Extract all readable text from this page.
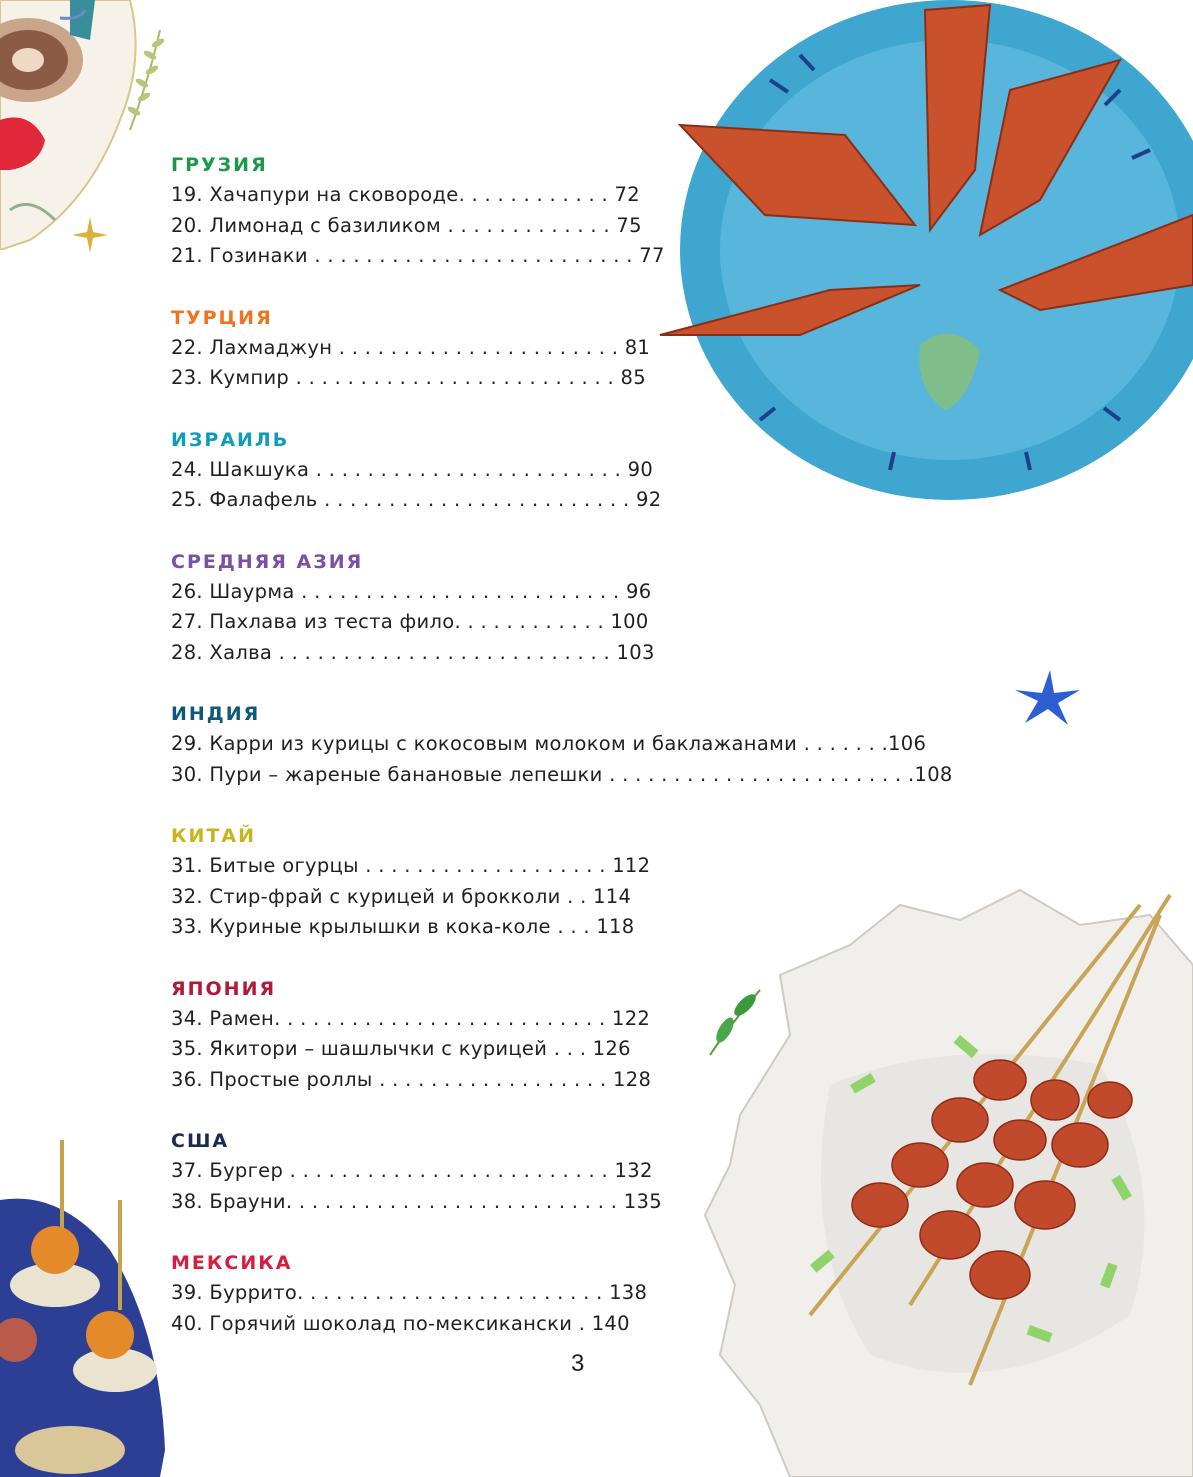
ГРУЗИЯ
19. Хачапури на сковороде. . . . . . . . . . . . 72
20. Лимонад с базиликом . . . . . . . . . . . . . 75
21. Гозинаки . . . . . . . . . . . . . . . . . . . . . . . . . 77
ТУРЦИЯ
22. Лахмаджун . . . . . . . . . . . . . . . . . . . . . . 81
23. Кумпир . . . . . . . . . . . . . . . . . . . . . . . . . 85
ИЗРАИЛЬ
24. Шакшука . . . . . . . . . . . . . . . . . . . . . . . . 90
25. Фалафель . . . . . . . . . . . . . . . . . . . . . . . . 92
СРЕДНЯЯ АЗИЯ
26. Шаурма . . . . . . . . . . . . . . . . . . . . . . . . . 96
27. Пахлава из теста фило. . . . . . . . . . . . 100
28. Халва . . . . . . . . . . . . . . . . . . . . . . . . . . 103
ИНДИЯ
29. Карри из курицы с кокосовым молоком и баклажанами . . . . . . .106
30. Пури – жареные банановые лепешки . . . . . . . . . . . . . . . . . . . . . . . .108
КИТАЙ
31. Битые огурцы . . . . . . . . . . . . . . . . . . . 112
32. Стир-фрай с курицей и брокколи . . 114
33. Куриные крылышки в кока-коле . . . 118
ЯПОНИЯ
34. Рамен. . . . . . . . . . . . . . . . . . . . . . . . . . 122
35. Якитори – шашлычки с курицей . . . 126
36. Простые роллы . . . . . . . . . . . . . . . . . . 128
США
37. Бургер . . . . . . . . . . . . . . . . . . . . . . . . . 132
38. Брауни. . . . . . . . . . . . . . . . . . . . . . . . . . 135
МЕКСИКА
39. Буррито. . . . . . . . . . . . . . . . . . . . . . . . 138
40. Горячий шоколад по-мексикански . 140
3
